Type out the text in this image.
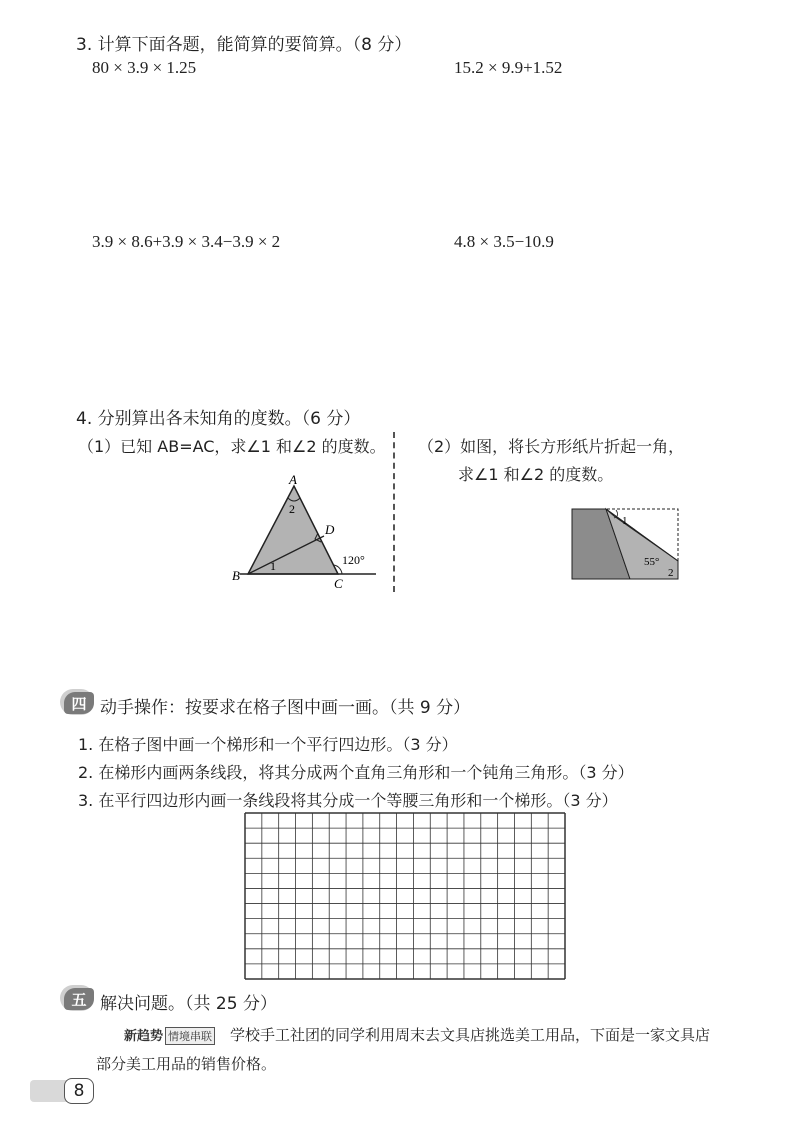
3. 计算下面各题，能简算的要简算。（8 分）
80 × 3.9 × 1.25	15.2 × 9.9+1.52
3.9 × 8.6+3.9 × 3.4−3.9 × 2	4.8 × 3.5−10.9
4. 分别算出各未知角的度数。（6 分）
（1）已知 AB=AC，求∠1 和∠2 的度数。 （2）如图，将长方形纸片折起一角，
求∠1 和∠2 的度数。
A
B
C
D
1
2
120°
1
55°
2
四 动手操作：按要求在格子图中画一画。（共 9 分）
1. 在格子图中画一个梯形和一个平行四边形。（3 分）
2. 在梯形内画两条线段，将其分成两个直角三角形和一个钝角三角形。（3 分）
3. 在平行四边形内画一条线段将其分成一个等腰三角形和一个梯形。（3 分）
五 解决问题。（共 25 分）
新趋势 情境串联 学校手工社团的同学利用周末去文具店挑选美工用品，下面是一家文具店
部分美工用品的销售价格。
8
